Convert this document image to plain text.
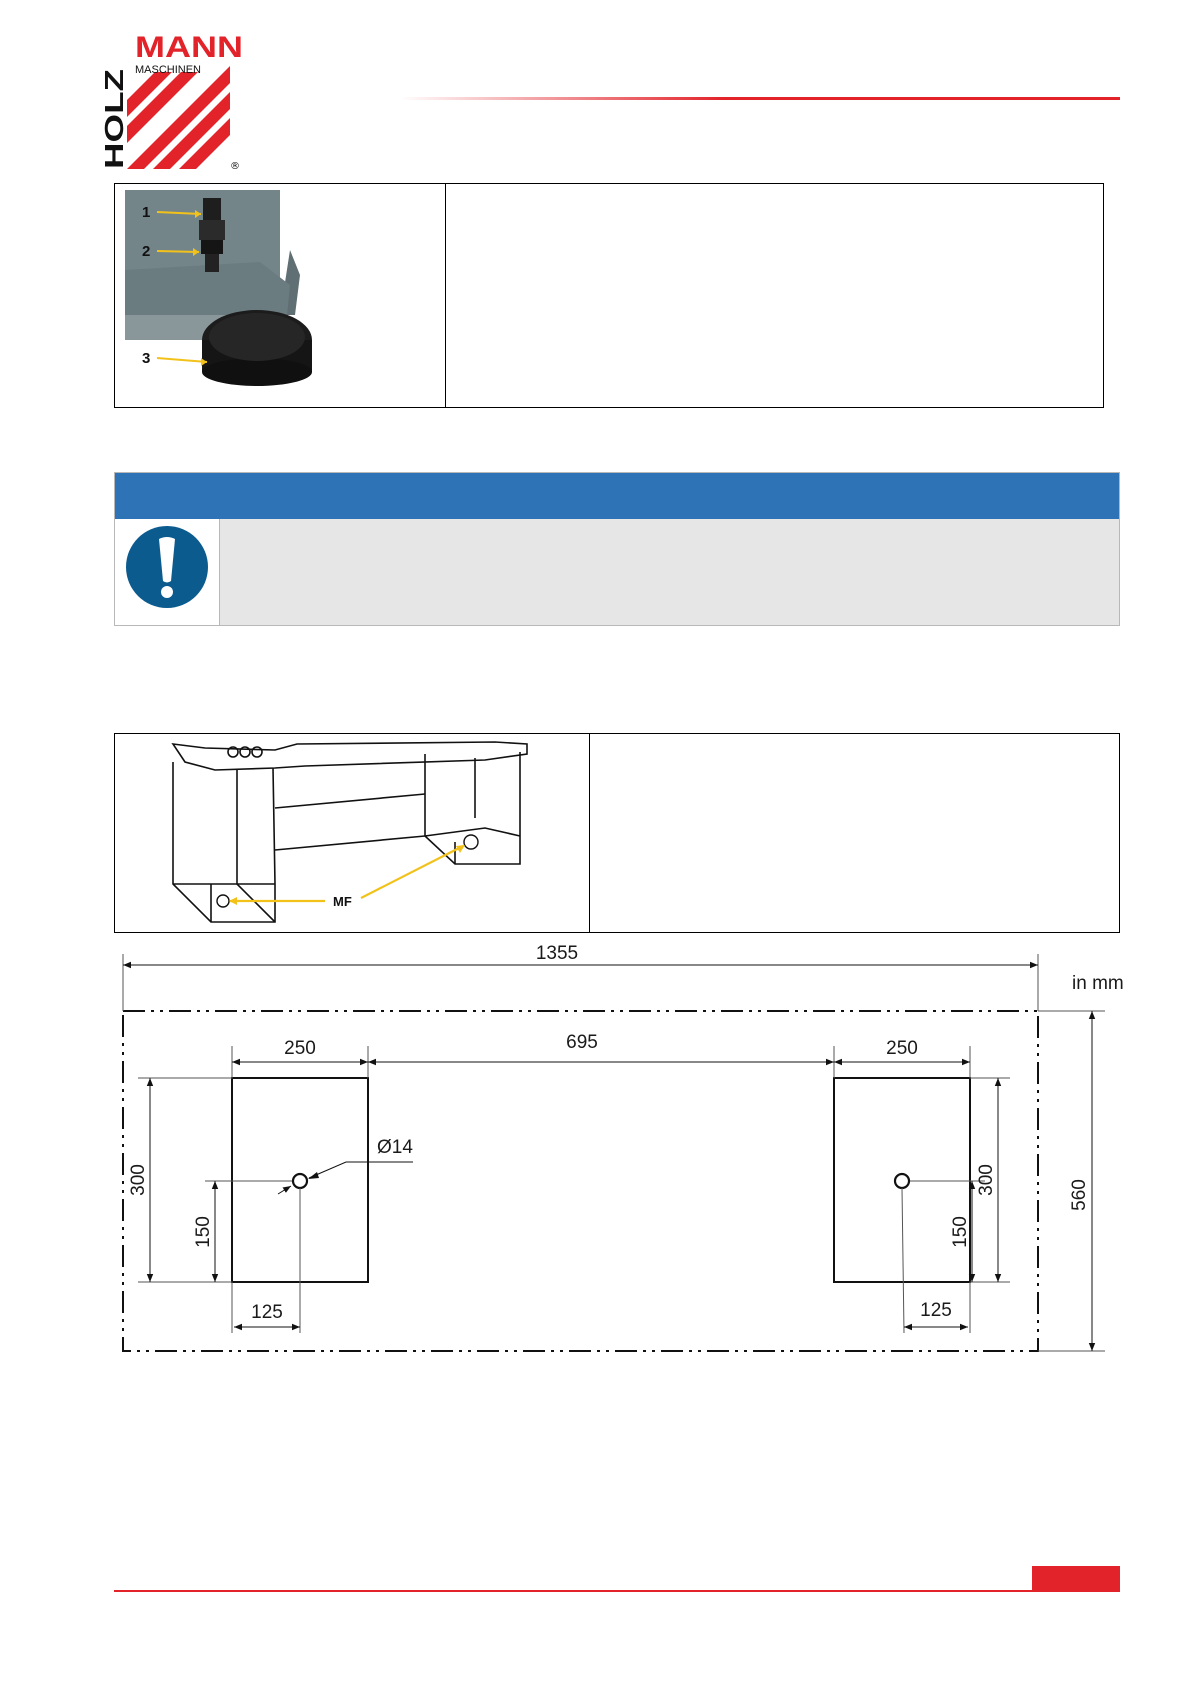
MANN
MASCHINEN
HOLZ	®
1
2
3
MF
1355
in mm
560
250	695	250
300
150
300
150
Ø14
125	125
